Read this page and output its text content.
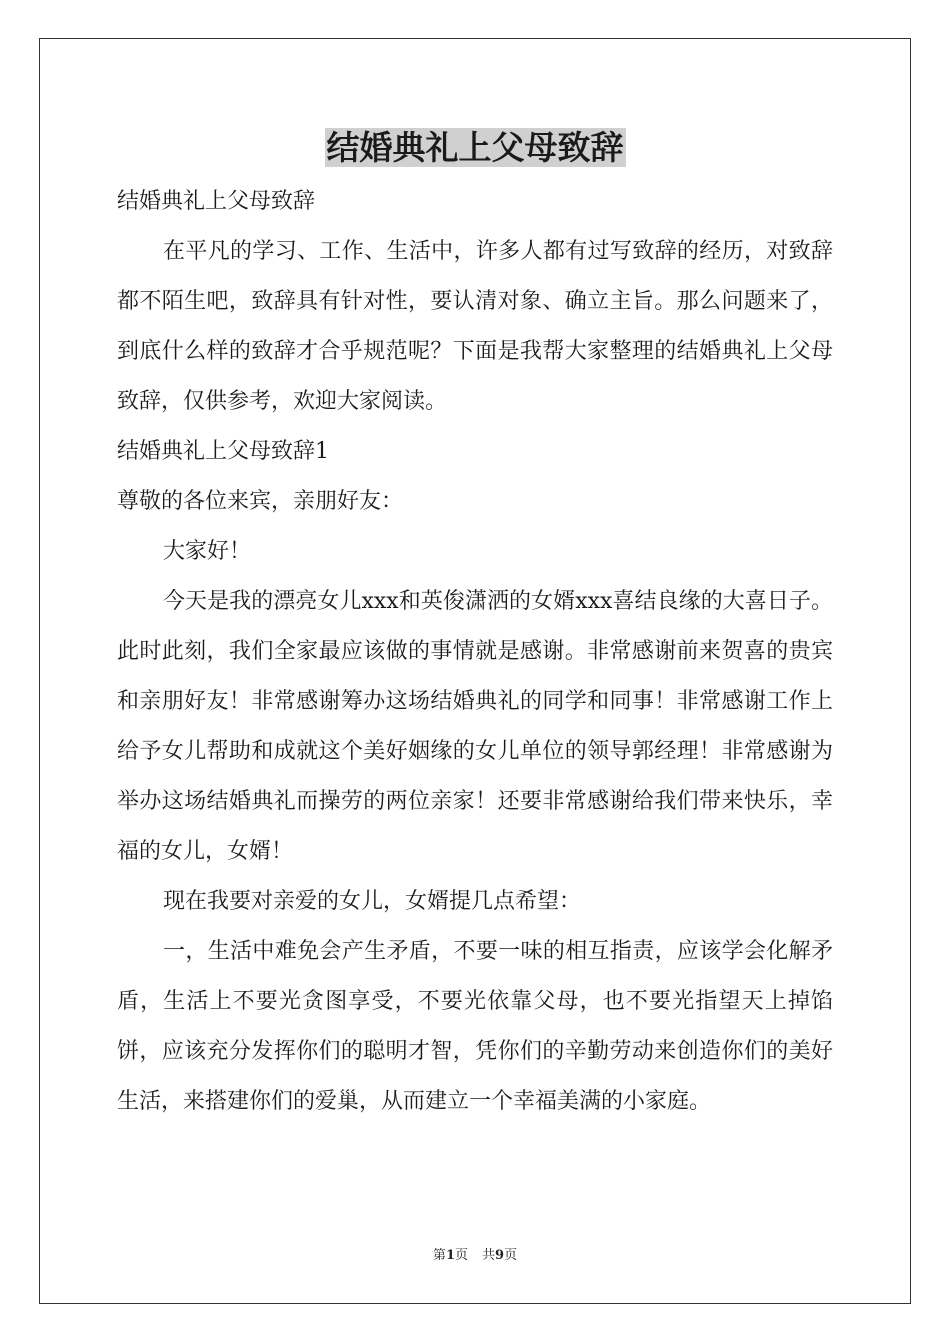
结婚典礼上父母致辞

结婚典礼上父母致辞

在平凡的学习、工作、生活中，许多人都有过写致辞的经历，对致辞都不陌生吧，致辞具有针对性，要认清对象、确立主旨。那么问题来了，到底什么样的致辞才合乎规范呢？下面是我帮大家整理的结婚典礼上父母致辞，仅供参考，欢迎大家阅读。

结婚典礼上父母致辞1

尊敬的各位来宾，亲朋好友：

大家好！

今天是我的漂亮女儿xxx和英俊潇洒的女婿xxx喜结良缘的大喜日子。此时此刻，我们全家最应该做的事情就是感谢。非常感谢前来贺喜的贵宾和亲朋好友！非常感谢筹办这场结婚典礼的同学和同事！非常感谢工作上给予女儿帮助和成就这个美好姻缘的女儿单位的领导郭经理！非常感谢为举办这场结婚典礼而操劳的两位亲家！还要非常感谢给我们带来快乐，幸福的女儿，女婿！

现在我要对亲爱的女儿，女婿提几点希望：

一，生活中难免会产生矛盾，不要一味的相互指责，应该学会化解矛盾，生活上不要光贪图享受，不要光依靠父母，也不要光指望天上掉馅饼，应该充分发挥你们的聪明才智，凭你们的辛勤劳动来创造你们的美好生活，来搭建你们的爱巢，从而建立一个幸福美满的小家庭。

第1页 共9页
